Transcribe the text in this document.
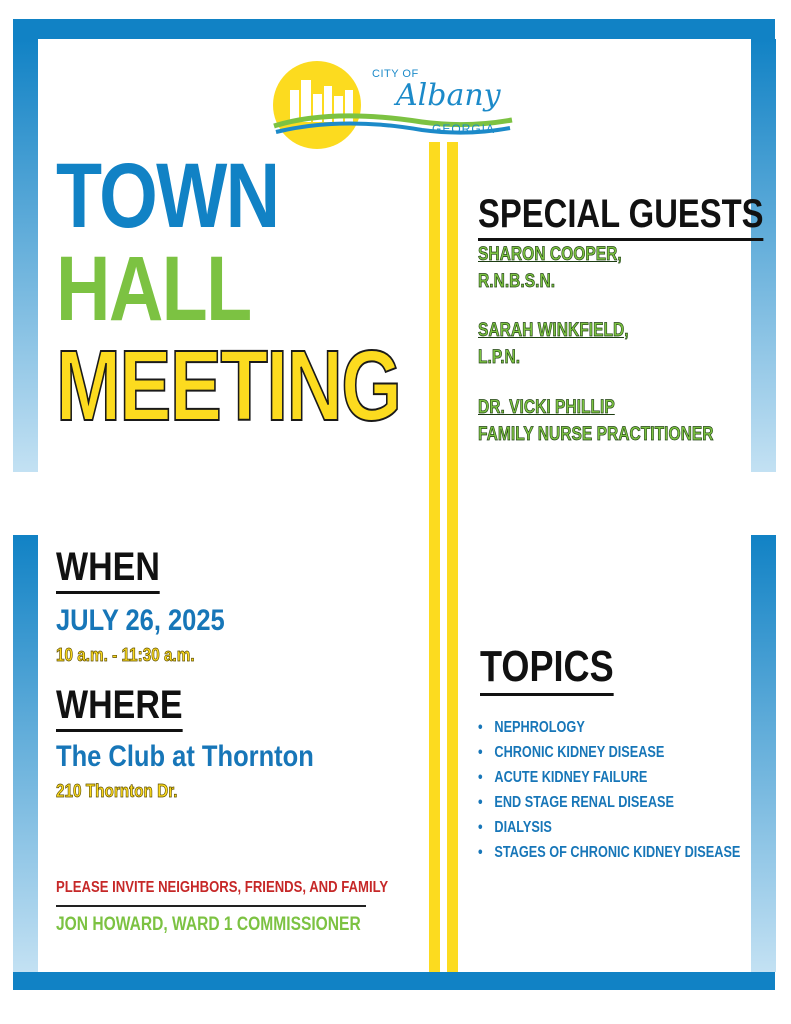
CITY OF
Albany
GEORGIA
TOWN
HALL
MEETING
SPECIAL GUESTS
SHARON COOPER,
R.N.B.S.N.
SARAH WINKFIELD,
L.P.N.
DR. VICKI PHILLIP
FAMILY NURSE PRACTITIONER
WHEN
JULY 26, 2025
10 a.m. - 11:30 a.m.
WHERE
The Club at Thornton
210 Thornton Dr.
TOPICS
• NEPHROLOGY
• CHRONIC KIDNEY DISEASE
• ACUTE KIDNEY FAILURE
• END STAGE RENAL DISEASE
• DIALYSIS
• STAGES OF CHRONIC KIDNEY DISEASE
PLEASE INVITE NEIGHBORS, FRIENDS, AND FAMILY
JON HOWARD, WARD 1 COMMISSIONER
